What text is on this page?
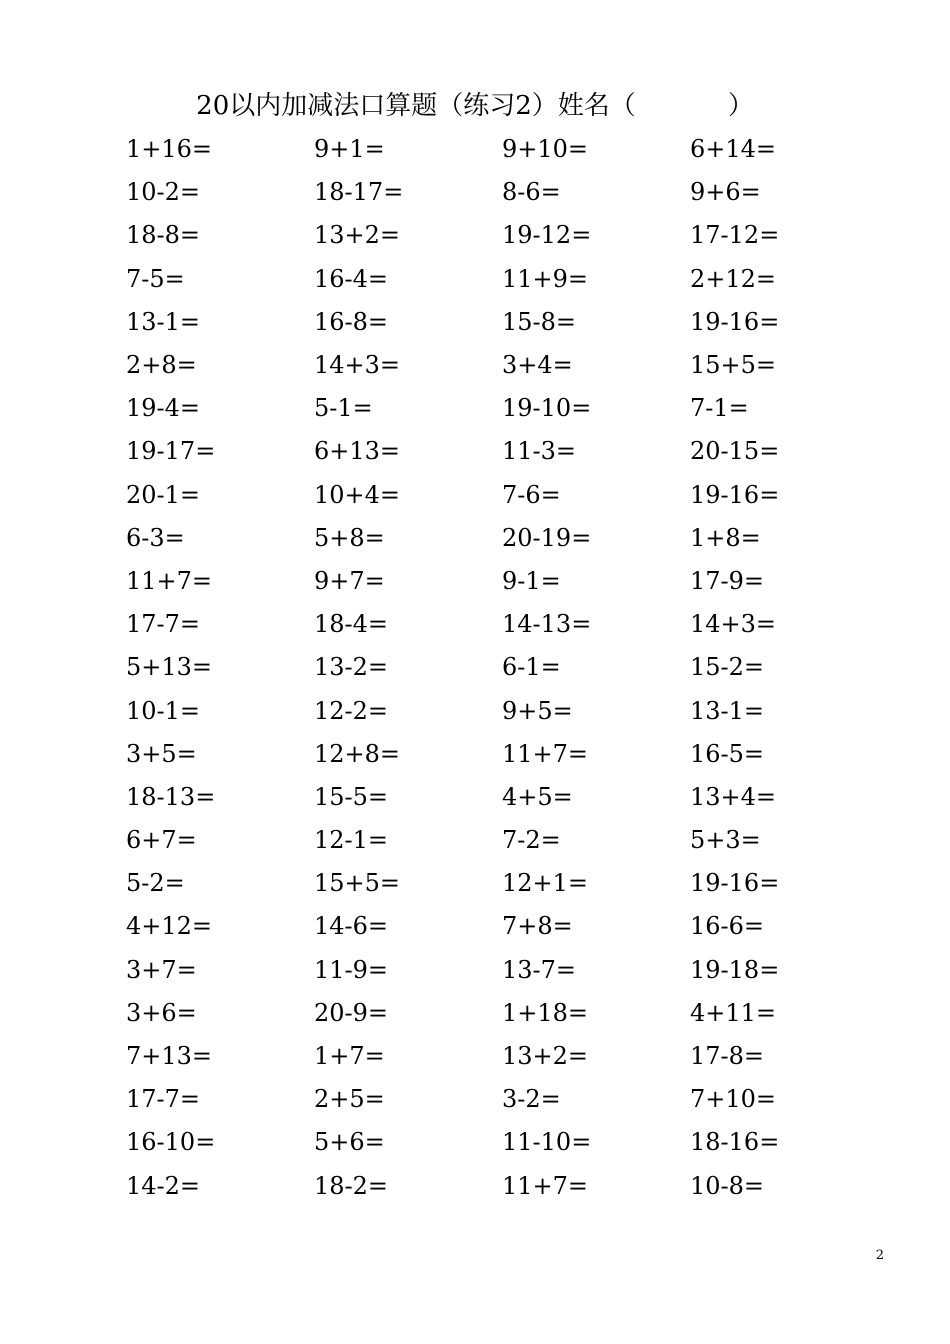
20以内加减法口算题（练习2）姓名（	）
1+16=	9+1=	9+10=	6+14=
10-2=	18-17=	8-6=	9+6=
18-8=	13+2=	19-12=	17-12=
7-5=	16-4=	11+9=	2+12=
13-1=	16-8=	15-8=	19-16=
2+8=	14+3=	3+4=	15+5=
19-4=	5-1=	19-10=	7-1=
19-17=	6+13=	11-3=	20-15=
20-1=	10+4=	7-6=	19-16=
6-3=	5+8=	20-19=	1+8=
11+7=	9+7=	9-1=	17-9=
17-7=	18-4=	14-13=	14+3=
5+13=	13-2=	6-1=	15-2=
10-1=	12-2=	9+5=	13-1=
3+5=	12+8=	11+7=	16-5=
18-13=	15-5=	4+5=	13+4=
6+7=	12-1=	7-2=	5+3=
5-2=	15+5=	12+1=	19-16=
4+12=	14-6=	7+8=	16-6=
3+7=	11-9=	13-7=	19-18=
3+6=	20-9=	1+18=	4+11=
7+13=	1+7=	13+2=	17-8=
17-7=	2+5=	3-2=	7+10=
16-10=	5+6=	11-10=	18-16=
14-2=	18-2=	11+7=	10-8=
2
